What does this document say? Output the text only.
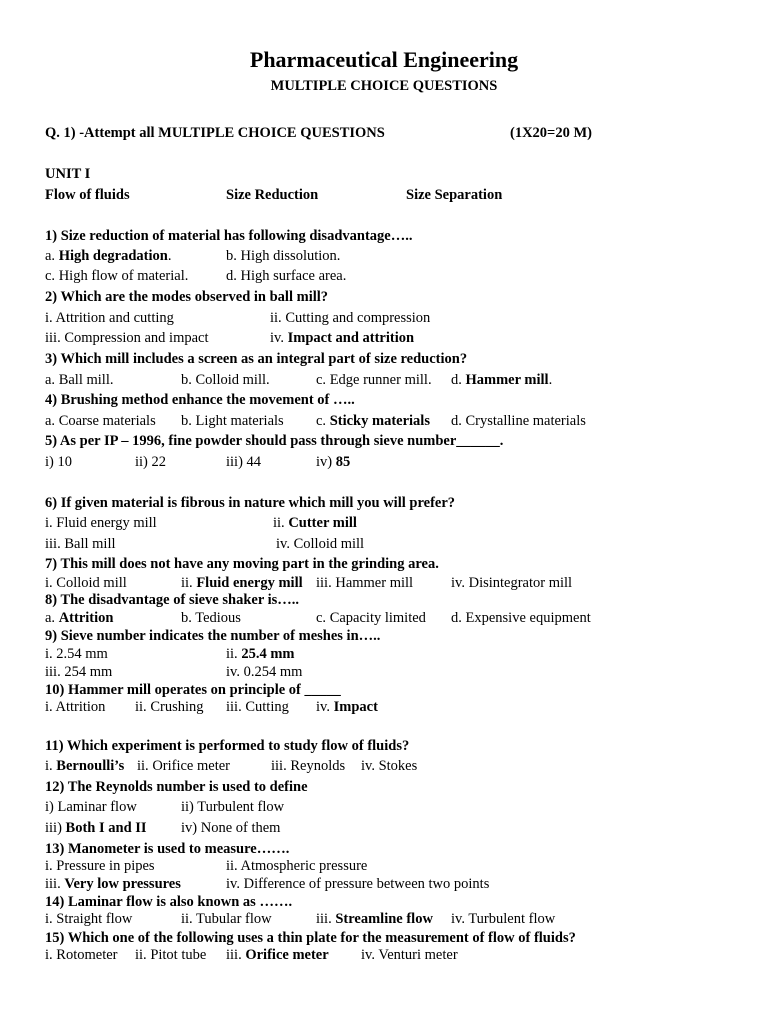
Pharmaceutical Engineering
MULTIPLE CHOICE QUESTIONS
Q. 1) -Attempt all MULTIPLE CHOICE QUESTIONS	(1X20=20 M)
UNIT I
Flow of fluids	Size Reduction	Size Separation
1) Size reduction of material has following disadvantage…..
a. High degradation.	b. High dissolution.
c. High flow of material.	d. High surface area.
2) Which are the modes observed in ball mill?
i. Attrition and cutting	ii. Cutting and compression
iii. Compression and impact	iv. Impact and attrition
3) Which mill includes a screen as an integral part of size reduction?
a. Ball mill.	b. Colloid mill.	c. Edge runner mill. d. Hammer mill.
4) Brushing method enhance the movement of …..
a. Coarse materials b. Light materials c. Sticky materials d. Crystalline materials
5) As per IP – 1996, fine powder should pass through sieve number______.
i) 10	ii) 22	iii) 44	iv) 85
6) If given material is fibrous in nature which mill you will prefer?
i. Fluid energy mill	ii. Cutter mill
iii. Ball mill	iv. Colloid mill
7) This mill does not have any moving part in the grinding area.
i. Colloid mill	ii. Fluid energy mill iii. Hammer mill	iv. Disintegrator mill
8) The disadvantage of sieve shaker is…..
a. Attrition	b. Tedious	c. Capacity limited d. Expensive equipment
9) Sieve number indicates the number of meshes in…..
i. 2.54 mm	ii. 25.4 mm
iii. 254 mm	iv. 0.254 mm
10) Hammer mill operates on principle of _____
i. Attrition ii. Crushing iii. Cutting iv. Impact
11) Which experiment is performed to study flow of fluids?
i. Bernoulli’s ii. Orifice meter	iii. Reynolds iv. Stokes
12) The Reynolds number is used to define
i) Laminar flow	ii) Turbulent flow
iii) Both I and II iv) None of them
13) Manometer is used to measure…….
i. Pressure in pipes	ii. Atmospheric pressure
iii. Very low pressures	iv. Difference of pressure between two points
14) Laminar flow is also known as …….
i. Straight flow	ii. Tubular flow	iii. Streamline flow iv. Turbulent flow
15) Which one of the following uses a thin plate for the measurement of flow of fluids?
i. Rotometer ii. Pitot tube iii. Orifice meter iv. Venturi meter
